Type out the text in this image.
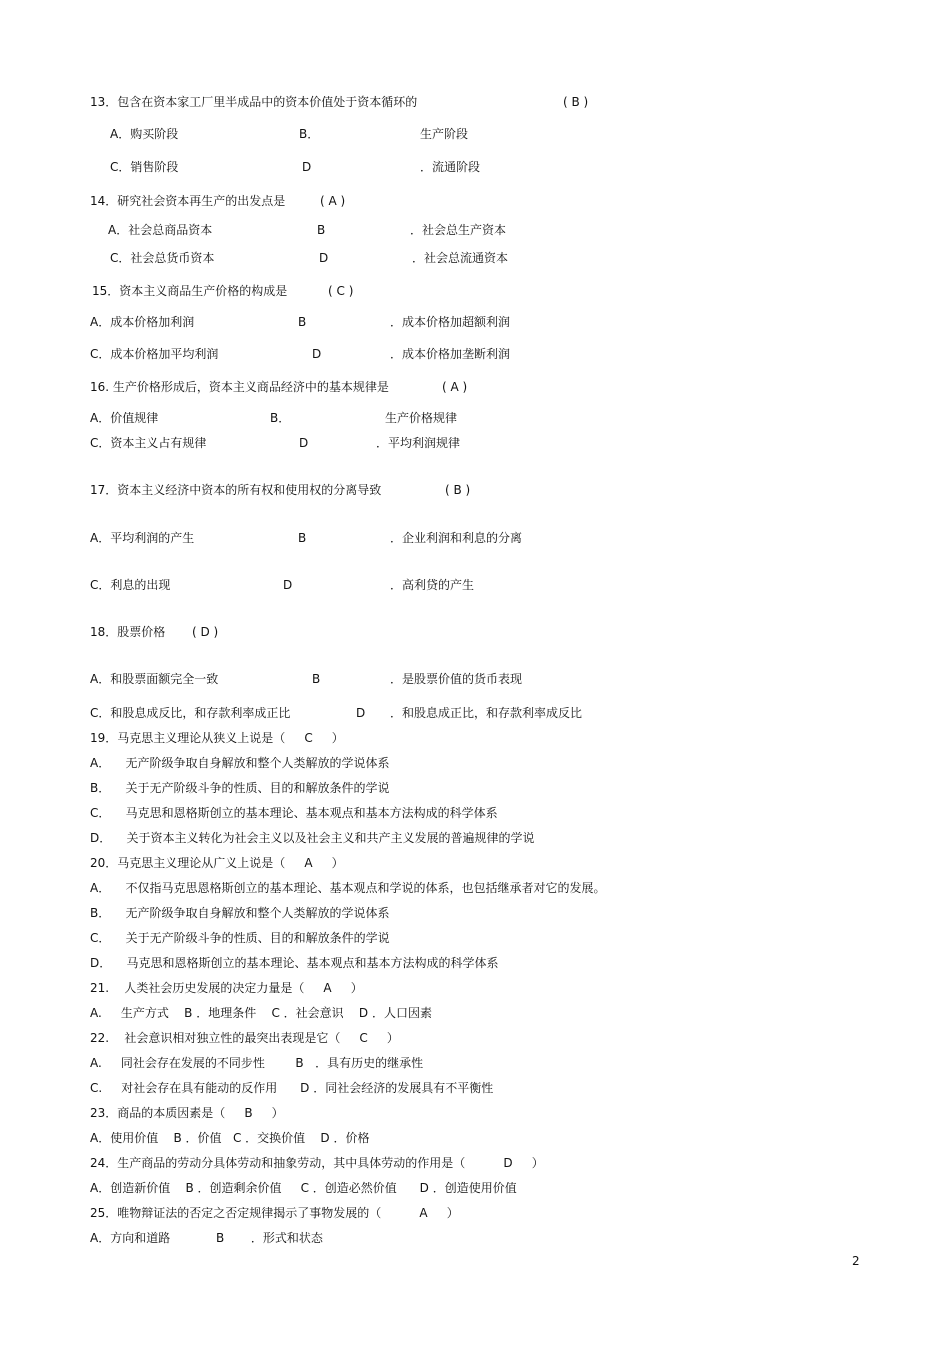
13．包含在资本家工厂里半成品中的资本价值处于资本循环的	( B )
A．购买阶段	B．	生产阶段
C．销售阶段	D	．流通阶段
14．研究社会资本再生产的出发点是	( A )
A．社会总商品资本	B	．社会总生产资本
C．社会总货币资本	D	．社会总流通资本
15．资本主义商品生产价格的构成是	( C )
A．成本价格加利润	B	．成本价格加超额利润
C．成本价格加平均利润	D	．成本价格加垄断利润
16. 生产价格形成后，资本主义商品经济中的基本规律是	( A )
A．价值规律	B．	生产价格规律
C．资本主义占有规律	D	．平均利润规律
17．资本主义经济中资本的所有权和使用权的分离导致	( B )
A．平均利润的产生	B	．企业利润和利息的分离
C．利息的出现	D	．高利贷的产生
18．股票价格 ( D )
A．和股票面额完全一致	B	．是股票价值的货币表现
C．和股息成反比，和存款利率成正比	D ．和股息成正比，和存款利率成反比
19．马克思主义理论从狭义上说是（     C     ）
A．    无产阶级争取自身解放和整个人类解放的学说体系
B．    关于无产阶级斗争的性质、目的和解放条件的学说
C．    马克思和恩格斯创立的基本理论、基本观点和基本方法构成的科学体系
D．    关于资本主义转化为社会主义以及社会主义和共产主义发展的普遍规律的学说
20．马克思主义理论从广义上说是（     A     ）
A．    不仅指马克思恩格斯创立的基本理论、基本观点和学说的体系，也包括继承者对它的发展。
B．    无产阶级争取自身解放和整个人类解放的学说体系
C．    关于无产阶级斗争的性质、目的和解放条件的学说
D．    马克思和恩格斯创立的基本理论、基本观点和基本方法构成的科学体系
21.    人类社会历史发展的决定力量是（     A     ）
A.     生产方式    B ．地理条件    C ．社会意识    D ．人口因素
22.    社会意识相对独立性的最突出表现是它（     C     ）
A.     同社会存在发展的不同步性        B   ．具有历史的继承性
C.     对社会存在具有能动的反作用      D ．同社会经济的发展具有不平衡性
23．商品的本质因素是（     B     ）
A．使用价值    B ．价值   C ．交换价值    D ．价格
24．生产商品的劳动分具体劳动和抽象劳动，其中具体劳动的作用是（          D     ）
A．创造新价值    B ．创造剩余价值     C ．创造必然价值      D ．创造使用价值
25．唯物辩证法的否定之否定规律揭示了事物发展的（          A     ）
A．方向和道路            B       ．形式和状态
2
